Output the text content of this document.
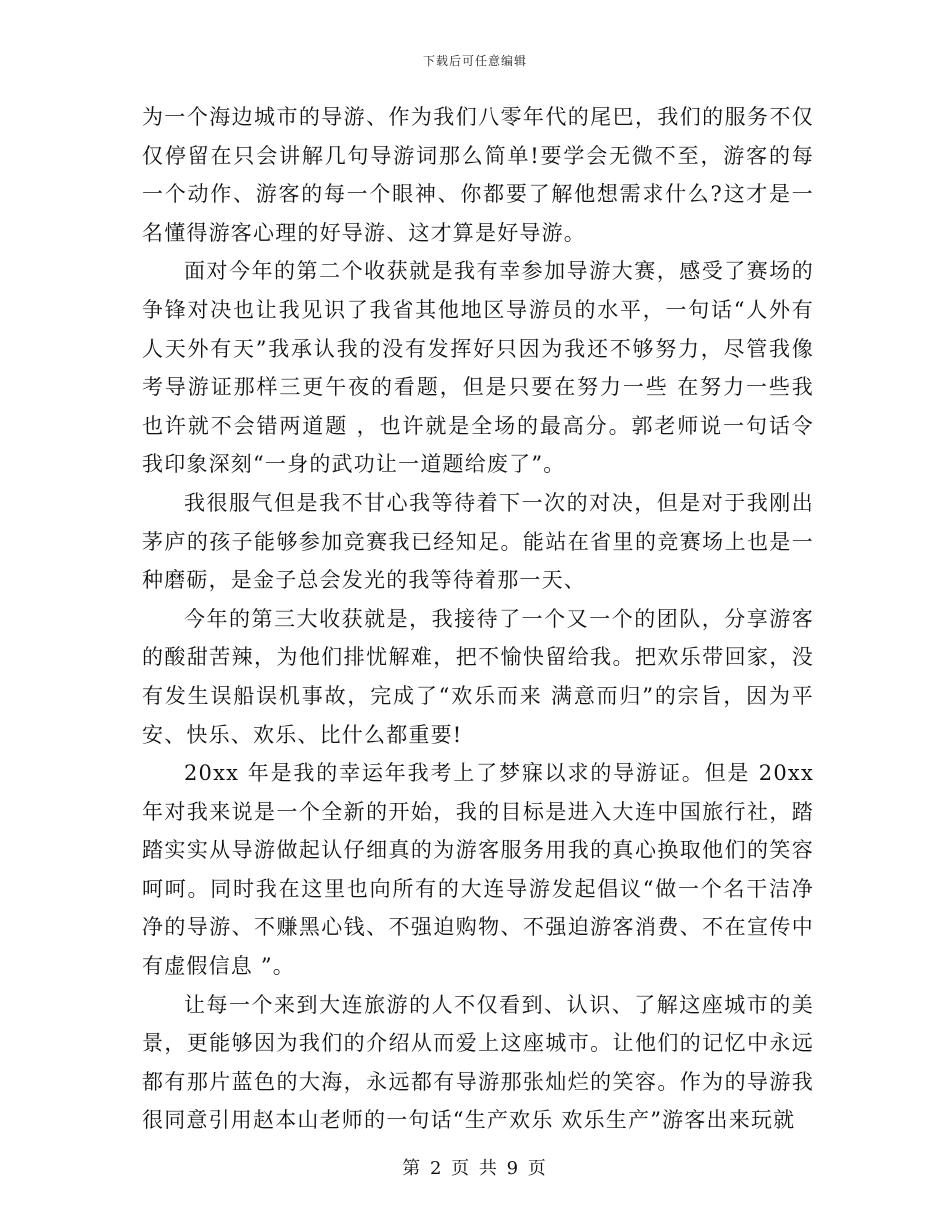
下载后可任意编辑

为一个海边城市的导游、作为我们八零年代的尾巴，我们的服务不仅仅停留在只会讲解几句导游词那么简单!要学会无微不至，游客的每一个动作、游客的每一个眼神、你都要了解他想需求什么?这才是一名懂得游客心理的好导游、这才算是好导游。

面对今年的第二个收获就是我有幸参加导游大赛，感受了赛场的争锋对决也让我见识了我省其他地区导游员的水平，一句话“人外有人天外有天”我承认我的没有发挥好只因为我还不够努力，尽管我像考导游证那样三更午夜的看题，但是只要在努力一些 在努力一些我也许就不会错两道题 ，也许就是全场的最高分。郭老师说一句话令我印象深刻“一身的武功让一道题给废了”。

我很服气但是我不甘心我等待着下一次的对决，但是对于我刚出茅庐的孩子能够参加竞赛我已经知足。能站在省里的竞赛场上也是一种磨砺，是金子总会发光的我等待着那一天、

今年的第三大收获就是，我接待了一个又一个的团队，分享游客的酸甜苦辣，为他们排忧解难，把不愉快留给我。把欢乐带回家，没有发生误船误机事故，完成了“欢乐而来 满意而归”的宗旨，因为平安、快乐、欢乐、比什么都重要!

20xx 年是我的幸运年我考上了梦寐以求的导游证。但是 20xx 年对我来说是一个全新的开始，我的目标是进入大连中国旅行社，踏踏实实从导游做起认仔细真的为游客服务用我的真心换取他们的笑容呵呵。同时我在这里也向所有的大连导游发起倡议“做一个名干洁净净的导游、不赚黑心钱、不强迫购物、不强迫游客消费、不在宣传中有虚假信息 ”。

让每一个来到大连旅游的人不仅看到、认识、了解这座城市的美景，更能够因为我们的介绍从而爱上这座城市。让他们的记忆中永远都有那片蓝色的大海，永远都有导游那张灿烂的笑容。作为的导游我很同意引用赵本山老师的一句话“生产欢乐 欢乐生产”游客出来玩就

第 2 页 共 9 页
